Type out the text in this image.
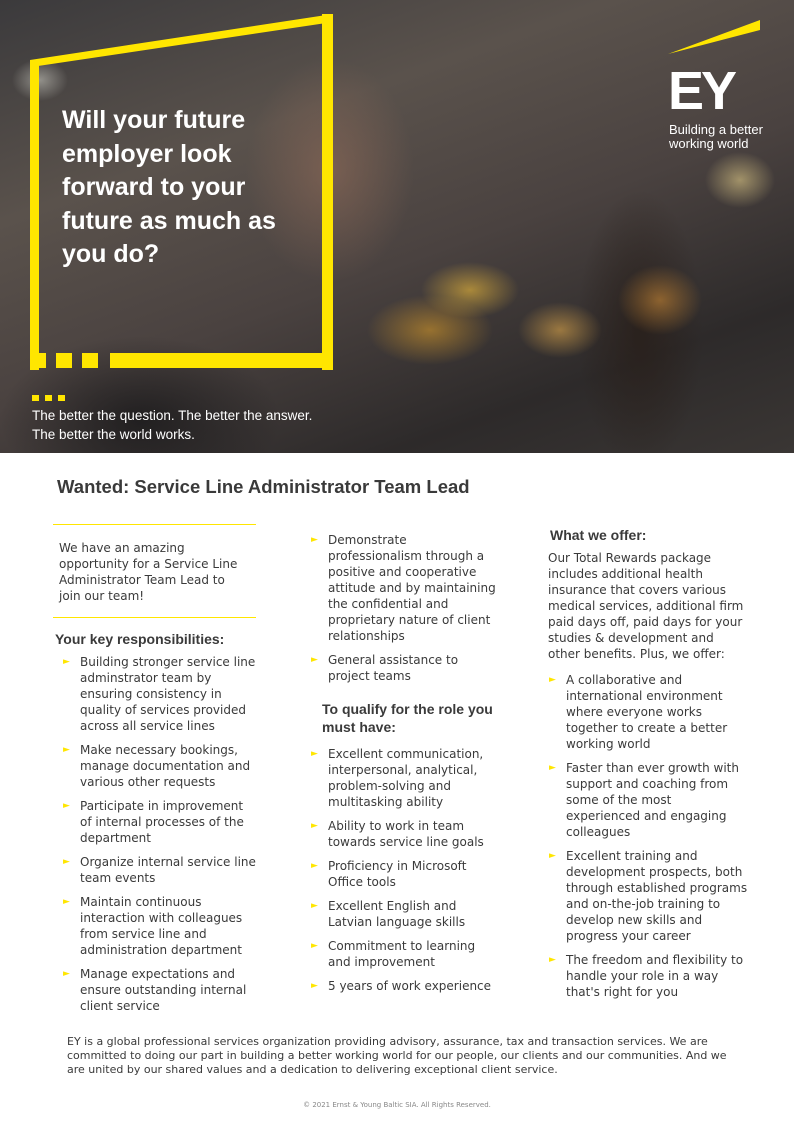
Will your future employer look forward to your future as much as you do?

The better the question. The better the answer.
The better the world works.
EY
Building a better
working world
Wanted: Service Line Administrator Team Lead
We have an amazing opportunity for a Service Line Administrator Team Lead to join our team!

Your key responsibilities:

► Building stronger service line adminstrator team by ensuring consistency in quality of services provided across all service lines
► Make necessary bookings, manage documentation and various other requests
► Participate in improvement of internal processes of the department
► Organize internal service line team events
► Maintain continuous interaction with colleagues from service line and administration department
► Manage expectations and ensure outstanding internal client service
► Demonstrate professionalism through a positive and cooperative attitude and by maintaining the confidential and proprietary nature of client relationships
► General assistance to project teams

To qualify for the role you must have:

► Excellent communication, interpersonal, analytical, problem-solving and multitasking ability
► Ability to work in team towards service line goals
► Proficiency in Microsoft Office tools
► Excellent English and Latvian language skills
► Commitment to learning and improvement
► 5 years of work experience

What we offer:

Our Total Rewards package includes additional health insurance that covers various medical services, additional firm paid days off, paid days for your studies & development and other benefits. Plus, we offer:

► A collaborative and international environment where everyone works together to create a better working world
► Faster than ever growth with support and coaching from some of the most experienced and engaging colleagues
► Excellent training and development prospects, both through established programs and on-the-job training to develop new skills and progress your career
► The freedom and flexibility to handle your role in a way that's right for you

EY is a global professional services organization providing advisory, assurance, tax and transaction services. We are committed to doing our part in building a better working world for our people, our clients and our communities. And we are united by our shared values and a dedication to delivering exceptional client service.

© 2021 Ernst & Young Baltic SIA. All Rights Reserved.
